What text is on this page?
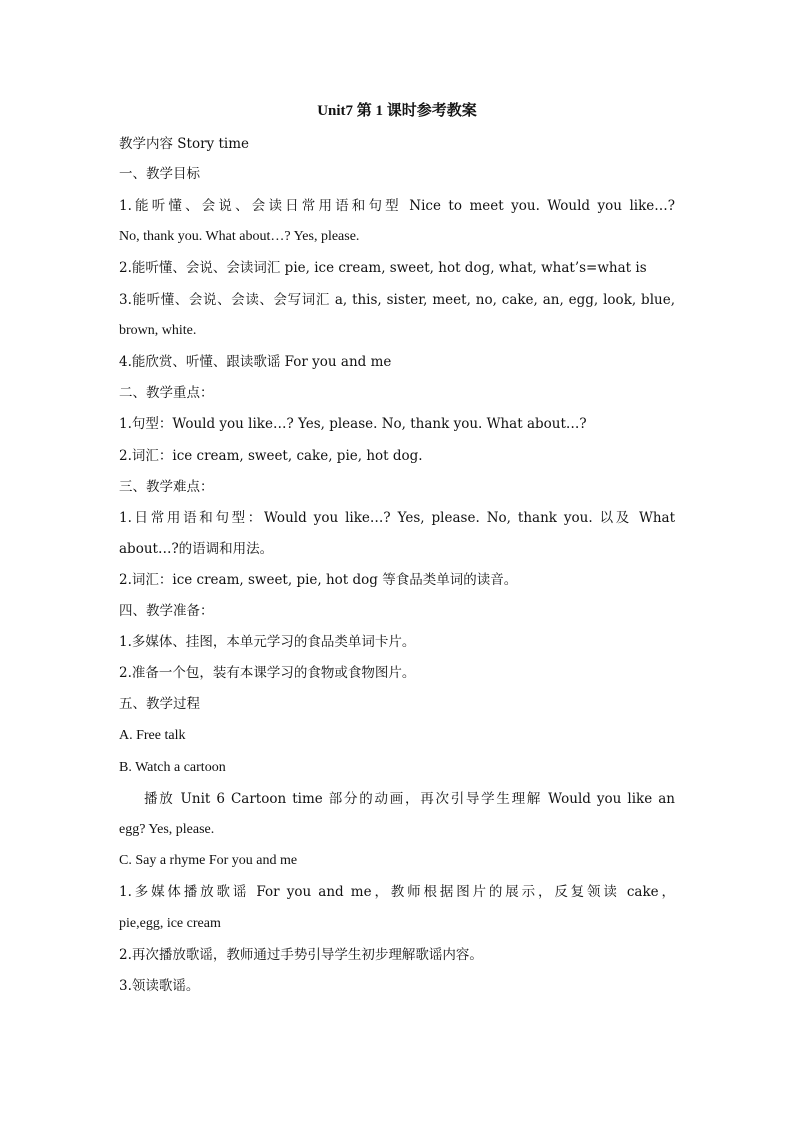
Unit7 第 1 课时参考教案
教学内容 Story time
一、教学目标
1.能听懂、会说、会读日常用语和句型 Nice to meet you. Would you like…?
No, thank you. What about…? Yes, please.
2.能听懂、会说、会读词汇 pie, ice cream, sweet, hot dog, what, what’s=what is
3.能听懂、会说、会读、会写词汇 a, this, sister, meet, no, cake, an, egg, look, blue,
brown, white.
4.能欣赏、听懂、跟读歌谣 For you and me
二、教学重点：
1.句型：Would you like…? Yes, please. No, thank you. What about…?
2.词汇：ice cream, sweet, cake, pie, hot dog.
三、教学难点：
1.日常用语和句型：Would you like…? Yes, please. No, thank you. 以及 What
about…?的语调和用法。
2.词汇：ice cream, sweet, pie, hot dog 等食品类单词的读音。
四、教学准备：
1.多媒体、挂图，本单元学习的食品类单词卡片。
2.准备一个包，装有本课学习的食物或食物图片。
五、教学过程
A. Free talk
B. Watch a cartoon
播放 Unit 6 Cartoon time 部分的动画，再次引导学生理解 Would you like an
egg? Yes, please.
C. Say a rhyme For you and me
1.多媒体播放歌谣 For you and me，教师根据图片的展示，反复领读 cake，
pie,egg, ice cream
2.再次播放歌谣，教师通过手势引导学生初步理解歌谣内容。
3.领读歌谣。
